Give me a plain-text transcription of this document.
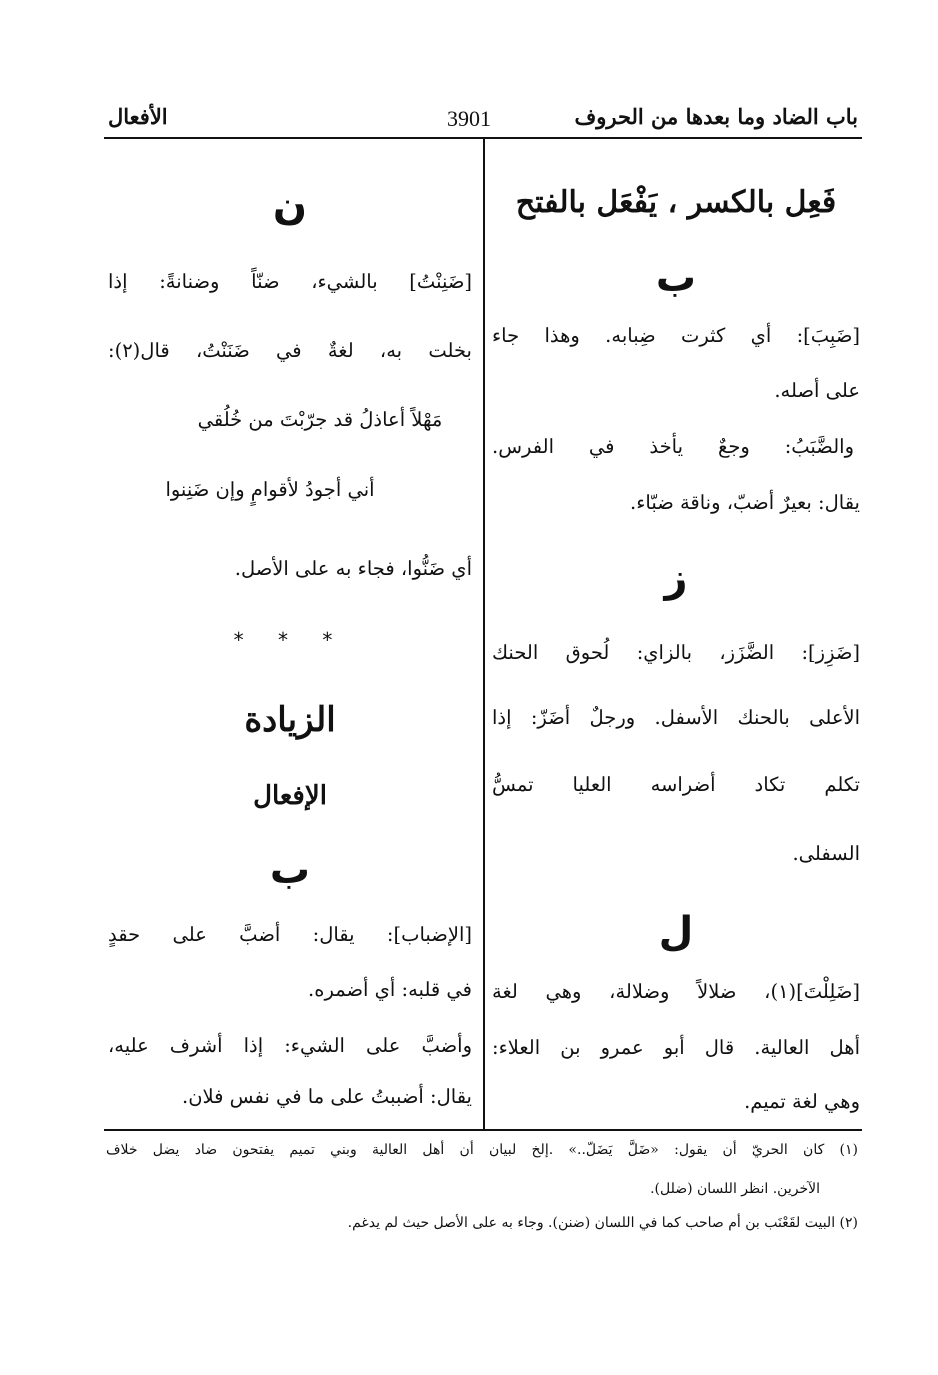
باب الضاد وما بعدها من الحروف
3901
الأفعال
فَعِل بالكسر ، يَفْعَل بالفتح
ب
[ضَبِبَ]: أي كثرت ضِبابه. وهذا جاء
على أصله.
والضَّبَبُ: وجعٌ يأخذ في الفرس.
يقال: بعيرٌ أضبّ، وناقة ضبّاء.
ز
[ضَزِز]: الضَّزَز، بالزاي: لُحوق الحنك
الأعلى بالحنك الأسفل. ورجلٌ أضَزّ: إذا
تكلم تكاد أضراسه العليا تمسُّ
السفلى.
ل
[ضَلِلْتَ](١)، ضلالاً وضلالة، وهي لغة
أهل العالية. قال أبو عمرو بن العلاء:
وهي لغة تميم.
ن
[ضَنِنْتُ] بالشيء، ضنّاً وضنانةً: إذا
بخلت به، لغةٌ في ضَنَنْتُ، قال(٢):
مَهْلاً أعاذلُ قد جرّبْتَ من خُلُقي
أني أجودُ لأقوامٍ وإن ضَنِنوا
أي ضَنُّوا، فجاء به على الأصل.
* * *
الزيادة
الإفعال
ب
[الإضباب]: يقال: أضبَّ على حقدٍ
في قلبه: أي أضمره.
وأضبَّ على الشيء: إذا أشرف عليه،
يقال: أضببتُ على ما في نفس فلان.
(١) كان الحريّ أن يقول: «ضَلَّ يَضَلّ..» .إلخ لبيان أن أهل العالية وبني تميم يفتحون ضاد يضل خلاف
الآخرين. انظر اللسان (ضلل).
(٢) البيت لقَعْنَب بن أم صاحب كما في اللسان (ضنن). وجاء به على الأصل حيث لم يدغم.
